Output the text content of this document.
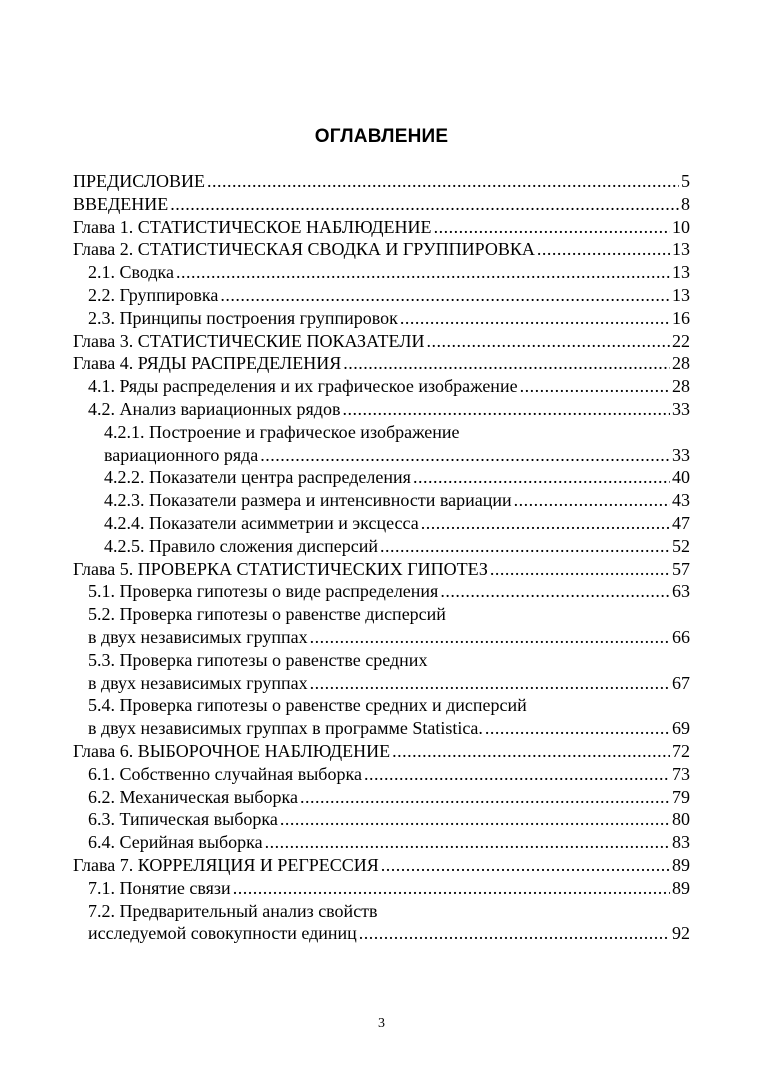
ОГЛАВЛЕНИЕ
ПРЕДИСЛОВИЕ .....	5
ВВЕДЕНИЕ .....	8
Глава 1. СТАТИСТИЧЕСКОЕ НАБЛЮДЕНИЕ .....	10
Глава 2. СТАТИСТИЧЕСКАЯ СВОДКА И ГРУППИРОВКА .....	13
2.1. Сводка .....	13
2.2. Группировка .....	13
2.3. Принципы построения группировок .....	16
Глава 3. СТАТИСТИЧЕСКИЕ ПОКАЗАТЕЛИ .....	22
Глава 4. РЯДЫ РАСПРЕДЕЛЕНИЯ .....	28
4.1. Ряды распределения и их графическое изображение .....	28
4.2. Анализ вариационных рядов .....	33
4.2.1. Построение и графическое изображение
вариационного ряда .....	33
4.2.2. Показатели центра распределения .....	40
4.2.3. Показатели размера и интенсивности вариации .....	43
4.2.4. Показатели асимметрии и эксцесса .....	47
4.2.5. Правило сложения дисперсий .....	52
Глава 5. ПРОВЕРКА СТАТИСТИЧЕСКИХ ГИПОТЕЗ .....	57
5.1. Проверка гипотезы о виде распределения .....	63
5.2. Проверка гипотезы о равенстве дисперсий
в двух независимых группах .....	66
5.3. Проверка гипотезы о равенстве средних
в двух независимых группах .....	67
5.4. Проверка гипотезы о равенстве средних и дисперсий
в двух независимых группах в программе Statistica. .....	69
Глава 6. ВЫБОРОЧНОЕ НАБЛЮДЕНИЕ .....	72
6.1. Собственно случайная выборка .....	73
6.2. Механическая выборка .....	79
6.3. Типическая выборка .....	80
6.4. Серийная выборка .....	83
Глава 7. КОРРЕЛЯЦИЯ И РЕГРЕССИЯ .....	89
7.1. Понятие связи .....	89
7.2. Предварительный анализ свойств
исследуемой совокупности единиц .....	92
3
